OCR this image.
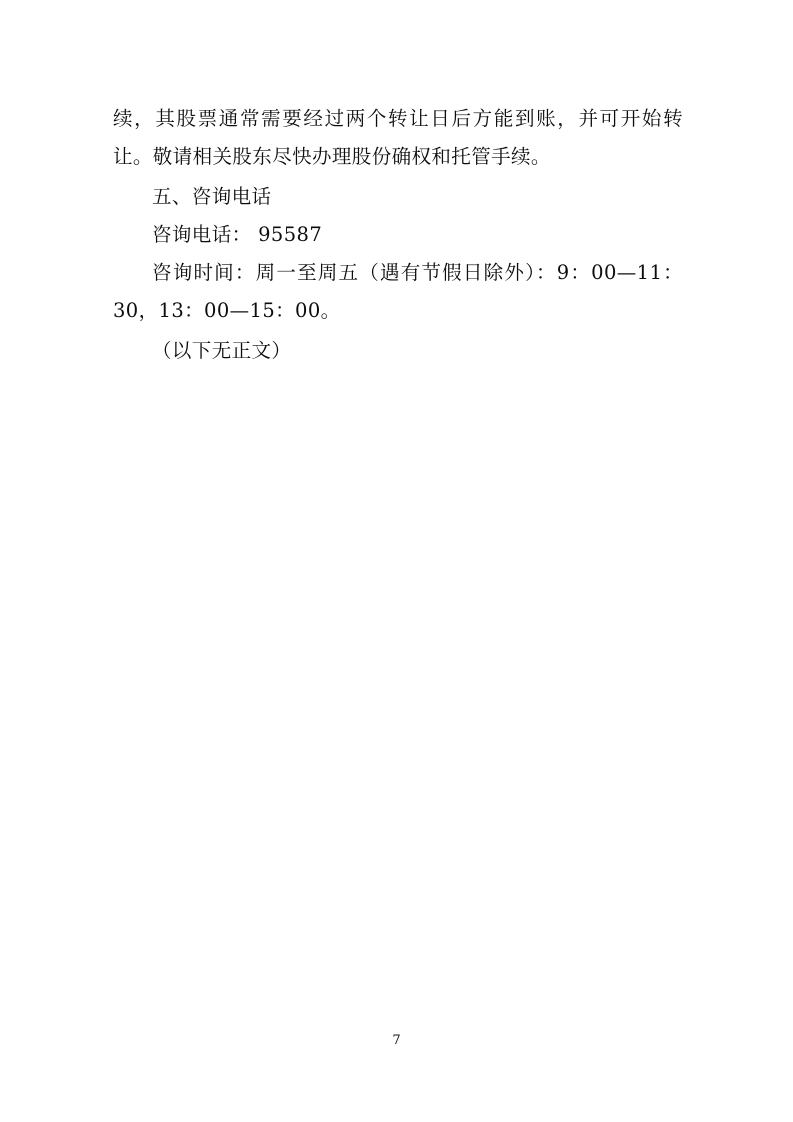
续，其股票通常需要经过两个转让日后方能到账，并可开始转让。敬请相关股东尽快办理股份确权和托管手续。

五、咨询电话

咨询电话： 95587

咨询时间：周一至周五（遇有节假日除外）：9：00—11：30，13：00—15：00。

（以下无正文）

7
